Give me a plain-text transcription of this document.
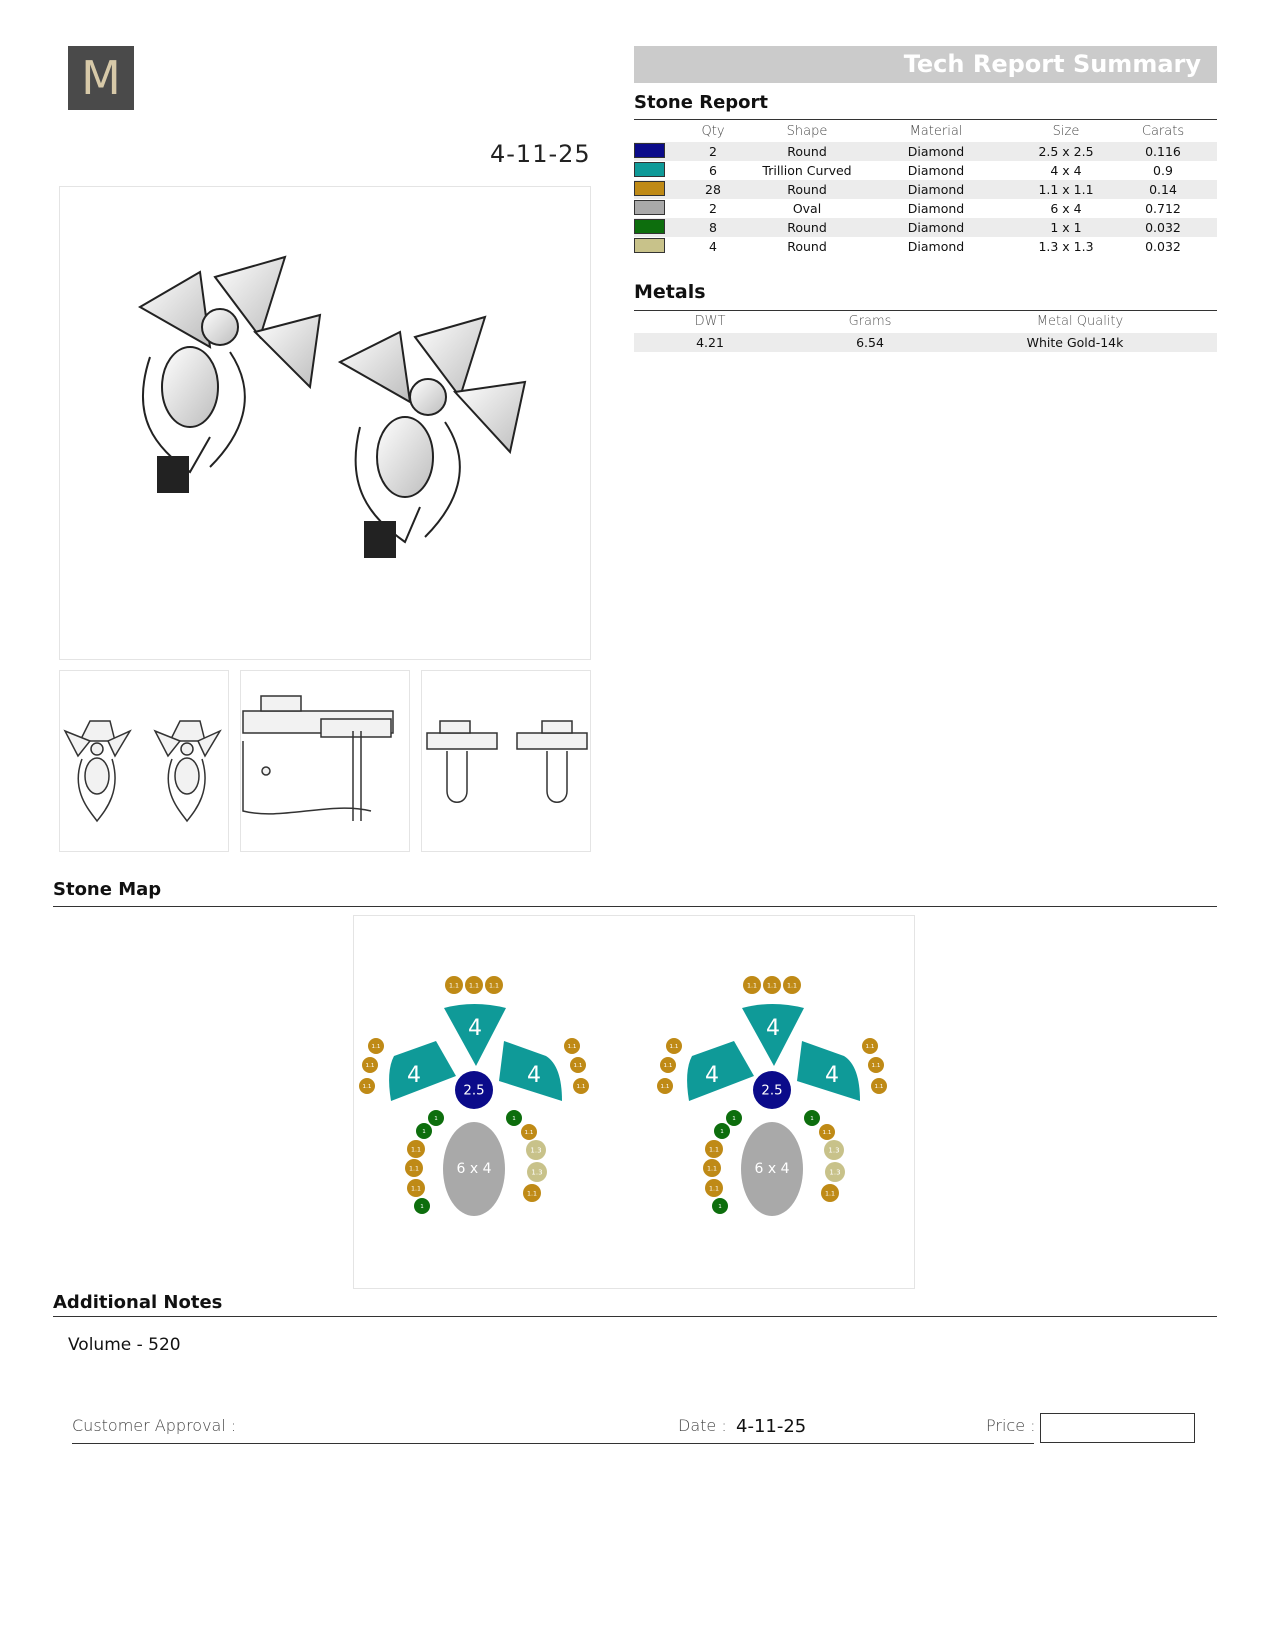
M
4-11-25
Tech Report Summary
Stone Report
Qty	Shape	Material	Size	Carats
2	Round	Diamond	2.5 x 2.5	0.116
6	Trillion Curved	Diamond	4 x 4	0.9
28	Round	Diamond	1.1 x 1.1	0.14
2	Oval	Diamond	6 x 4	0.712
8	Round	Diamond	1 x 1	0.032
4	Round	Diamond	1.3 x 1.3	0.032
Metals
DWT	Grams	Metal Quality
4.21	6.54	White Gold-14k
Stone Map
4
4	4
2.5
6 x 4
1.1 1.1 1.1
1.1
1.1
1.1
1.1
1.1
1.1
1
1
1.1
1.1
1.1
1
1
1.1
1.3
1.3
1.1
4
4	4
2.5
6 x 4
1.1 1.1 1.1
1.1
1.1
1.1
1.1
1.1
1.1
1
1
1.1
1.1
1.1
1
1
1.1
1.3
1.3
1.1
Additional Notes
Volume - 520
Customer Approval :	Date : 4-11-25	Price :
